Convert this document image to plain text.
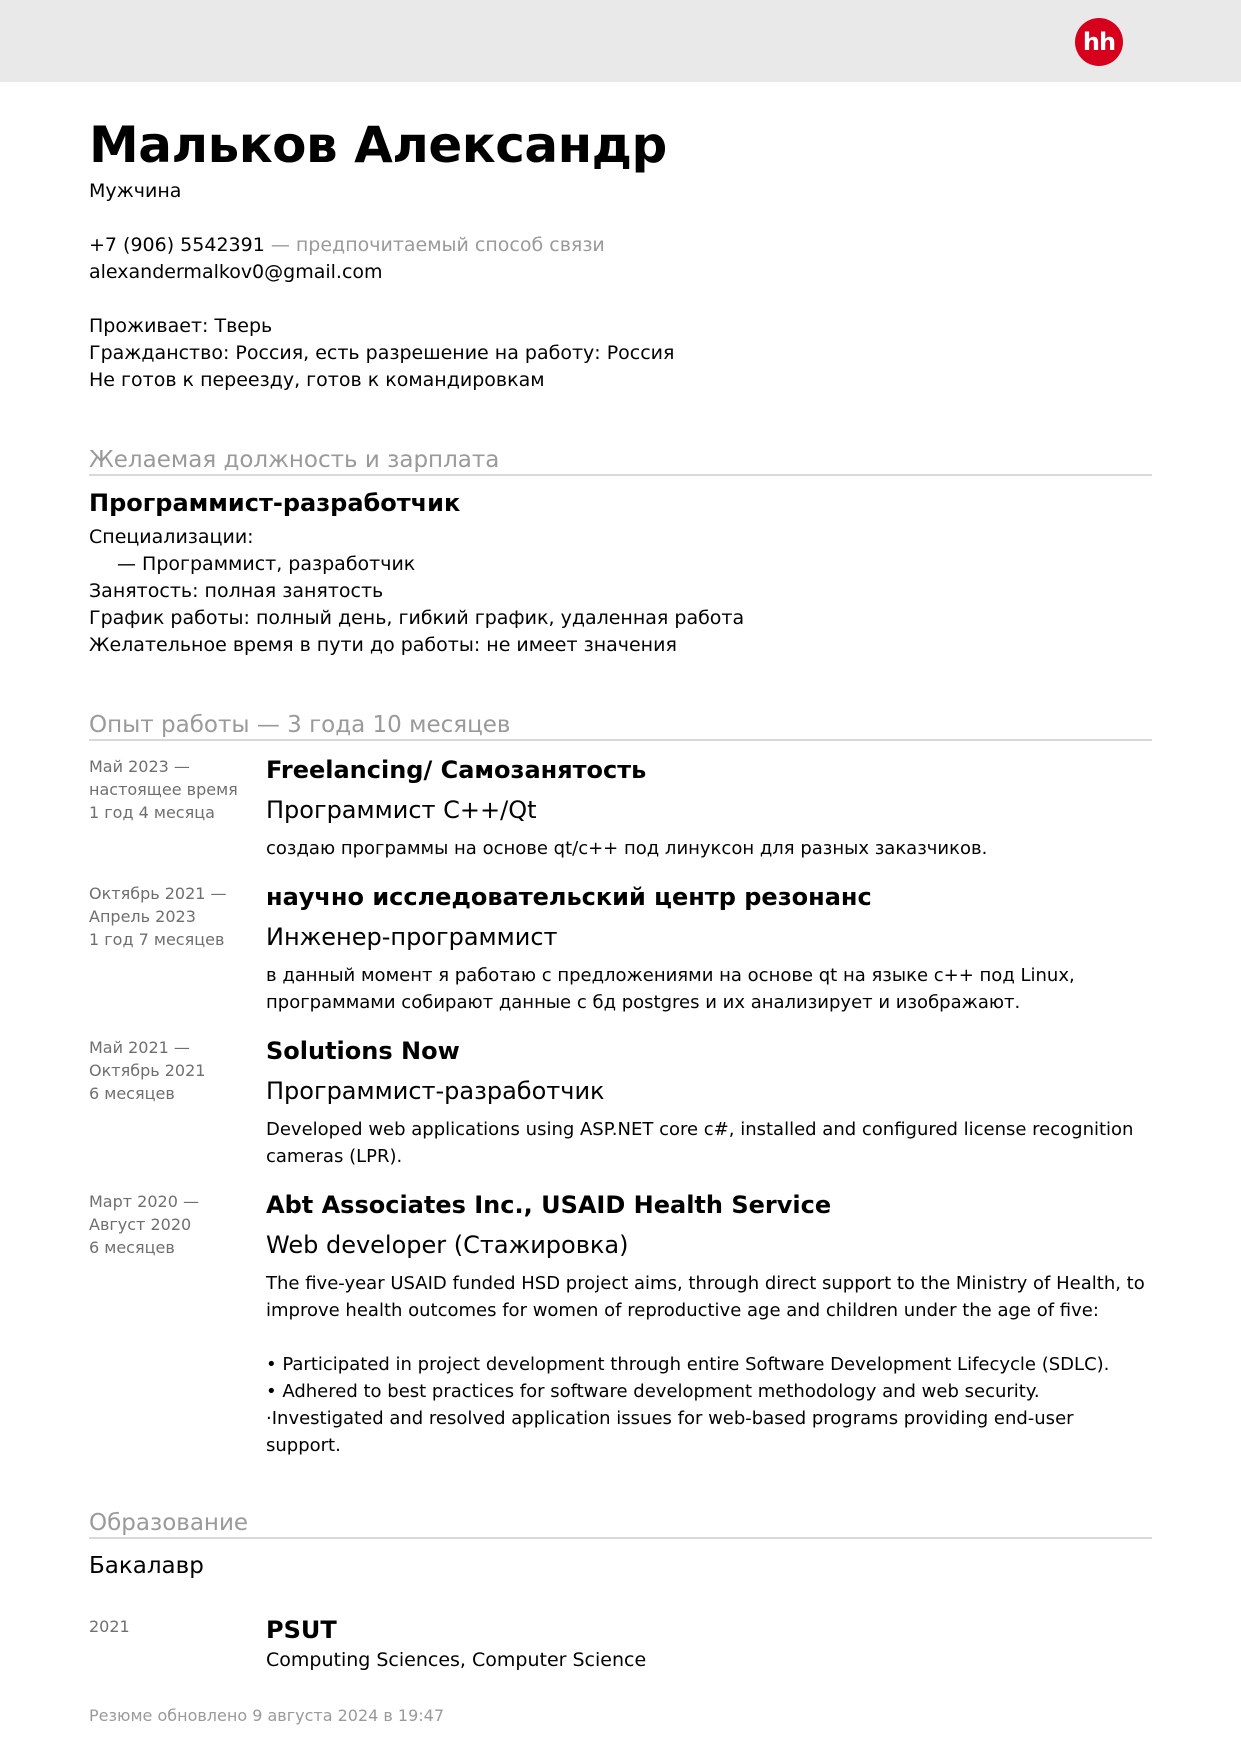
hh
Мальков Александр
Мужчина
+7 (906) 5542391 — предпочитаемый способ связи
alexandermalkov0@gmail.com
Проживает: Тверь
Гражданство: Россия, есть разрешение на работу: Россия
Не готов к переезду, готов к командировкам
Желаемая должность и зарплата
Программист-разработчик
Специализации:
— Программист, разработчик
Занятость: полная занятость
График работы: полный день, гибкий график, удаленная работа
Желательное время в пути до работы: не имеет значения
Опыт работы — 3 года 10 месяцев
Май 2023 —
настоящее время
1 год 4 месяца
Freelancing/ Самозанятость
Программист С++/Qt
создаю программы на основе qt/c++ под линуксон для разных заказчиков.
Октябрь 2021 —
Апрель 2023
1 год 7 месяцев
научно исследовательский центр резонанс
Инженер-программист
в данный момент я работаю с предложениями на основе qt на языке c++ под Linux,
программами собирают данные с бд postgres и их анализирует и изображают.
Май 2021 —
Октябрь 2021
6 месяцев
Solutions Now
Программист-разработчик
Developed web applications using ASP.NET core c#, installed and configured license recognition
cameras (LPR).
Март 2020 —
Август 2020
6 месяцев
Abt Associates Inc., USAID Health Service
Web developer (Стажировка)
The five-year USAID funded HSD project aims, through direct support to the Ministry of Health, to
improve health outcomes for women of reproductive age and children under the age of five:

• Participated in project development through entire Software Development Lifecycle (SDLC).
• Adhered to best practices for software development methodology and web security.
·Investigated and resolved application issues for web-based programs providing end-user support.
Образование
Бакалавр
2021	PSUT
Computing Sciences, Computer Science
Резюме обновлено 9 августа 2024 в 19:47
